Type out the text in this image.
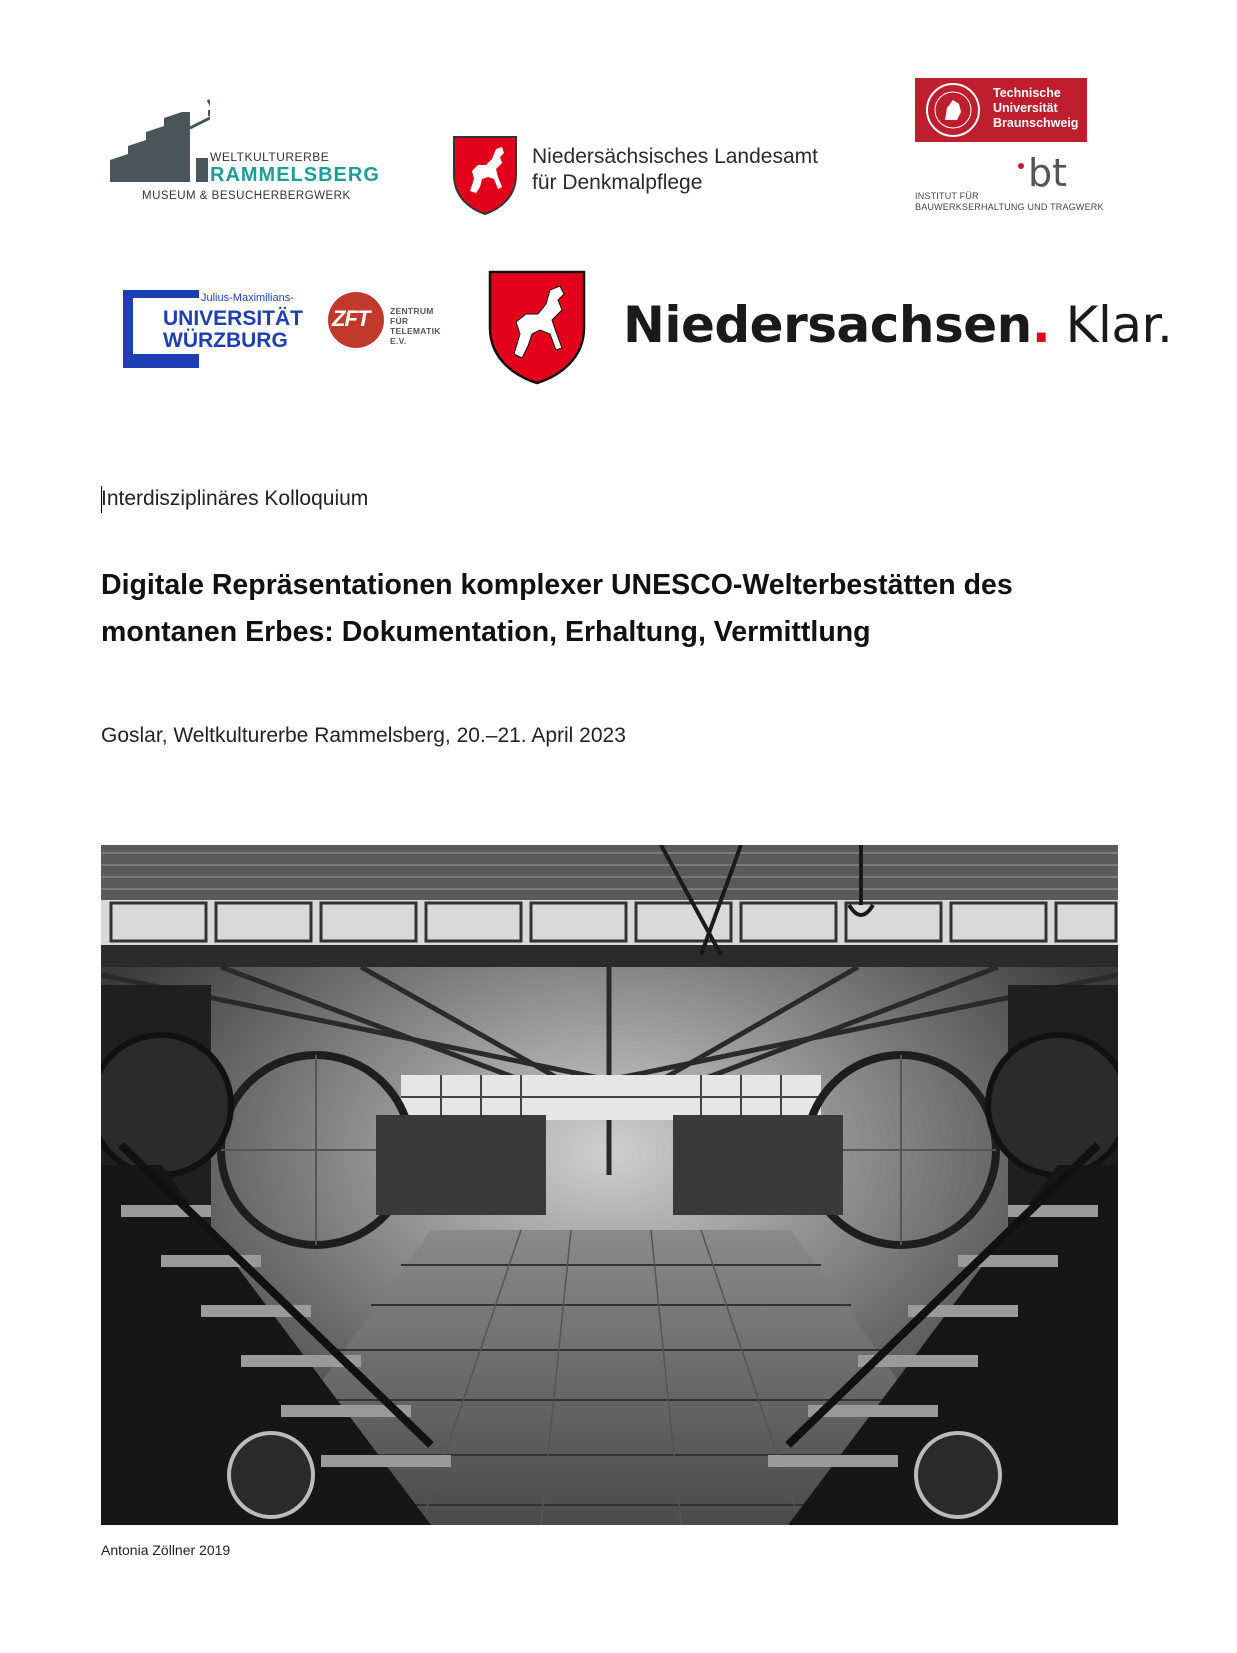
WELTKULTURERBE
RAMMELSBERG
MUSEUM & BESUCHERBERGWERK
Niedersächsisches Landesamt
für Denkmalpflege
Technische
Universität
Braunschweig
bt
INSTITUT FÜR
BAUWERKSERHALTUNG UND TRAGWERK
Julius-Maximilians-
UNIVERSITÄT
WÜRZBURG
ZFT ZENTRUM
FÜR
TELEMATIK E.V.	Niedersachsen. Klar.
Interdisziplinäres Kolloquium
Digitale Repräsentationen komplexer UNESCO-Welterbestätten des
montanen Erbes: Dokumentation, Erhaltung, Vermittlung
Goslar, Weltkulturerbe Rammelsberg, 20.–21. April 2023
Antonia Zöllner 2019
